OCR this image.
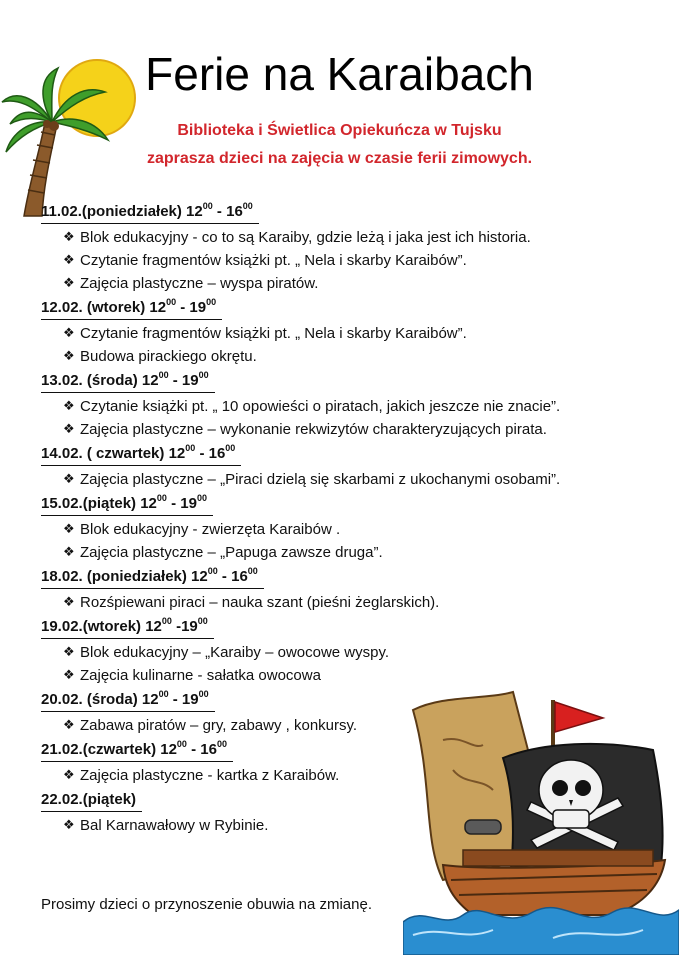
Ferie na Karaibach
Biblioteka i Świetlica Opiekuńcza w Tujsku
zaprasza dzieci na zajęcia w czasie ferii zimowych.
11.02.(poniedziałek) $12^{00} - 16^{00}$
❖ Blok edukacyjny - co to są Karaiby, gdzie leżą i jaka jest ich historia.
❖ Czytanie fragmentów książki pt. „ Nela i skarby Karaibów”.
❖ Zajęcia plastyczne – wyspa piratów.
12.02. (wtorek) $12^{00} - 19^{00}$
❖ Czytanie fragmentów książki pt. „ Nela i skarby Karaibów”.
❖ Budowa pirackiego okrętu.
13.02. (środa) $12^{00} - 19^{00}$
❖ Czytanie książki pt. „ 10 opowieści o piratach, jakich jeszcze nie znacie”.
❖ Zajęcia plastyczne – wykonanie rekwizytów charakteryzujących pirata.
14.02. ( czwartek) $12^{00} - 16^{00}$
❖ Zajęcia plastyczne – „Piraci dzielą się skarbami z ukochanymi osobami”.
15.02.(piątek) $12^{00} - 19^{00}$
❖ Blok edukacyjny - zwierzęta Karaibów .
❖ Zajęcia plastyczne – „Papuga zawsze druga”.
18.02. (poniedziałek) $12^{00} - 16^{00}$
❖ Rozśpiewani piraci – nauka szant (pieśni żeglarskich).
19.02.(wtorek) $12^{00}$ $-19^{00}$
❖ Blok edukacyjny – „Karaiby – owocowe wyspy.
❖ Zajęcia kulinarne - sałatka owocowa
20.02. (środa) $12^{00} - 19^{00}$
❖ Zabawa piratów – gry, zabawy , konkursy.
21.02.(czwartek) $12^{00} - 16^{00}$
❖ Zajęcia plastyczne - kartka z Karaibów.
22.02.(piątek)
❖ Bal Karnawałowy w Rybinie.
Prosimy dzieci o przynoszenie obuwia na zmianę.
